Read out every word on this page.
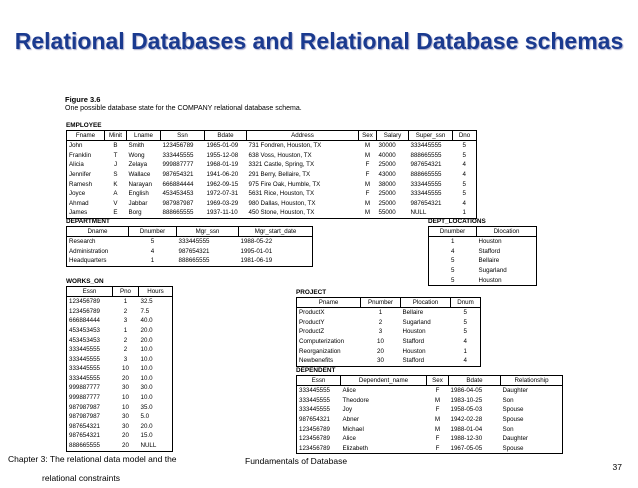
Relational Databases and Relational Database schemas
Figure 3.6
One possible database state for the COMPANY relational database schema.
EMPLOYEE
Fname	Minit	Lname	Ssn	Bdate	Address	Sex	Salary	Super_ssn	Dno
John	B	Smith	123456789	1965-01-09	731 Fondren, Houston, TX	M	30000	333445555	5
Franklin	T	Wong	333445555	1955-12-08	638 Voss, Houston, TX	M	40000	888665555	5
Alicia	J	Zelaya	999887777	1968-01-19	3321 Castle, Spring, TX	F	25000	987654321	4
Jennifer	S	Wallace	987654321	1941-06-20	291 Berry, Bellaire, TX	F	43000	888665555	4
Ramesh	K	Narayan	666884444	1962-09-15	975 Fire Oak, Humble, TX	M	38000	333445555	5
Joyce	A	English	453453453	1972-07-31	5631 Rice, Houston, TX	F	25000	333445555	5
Ahmad	V	Jabbar	987987987	1969-03-29	980 Dallas, Houston, TX	M	25000	987654321	4
James	E	Borg	888665555	1937-11-10	450 Stone, Houston, TX	M	55000	NULL	1
DEPARTMENT
Dname	Dnumber	Mgr_ssn	Mgr_start_date
Research	5	333445555	1988-05-22
Administration	4	987654321	1995-01-01
Headquarters	1	888665555	1981-06-19
DEPT_LOCATIONS
Dnumber	Dlocation
1	Houston
4	Stafford
5	Bellaire
5	Sugarland
5	Houston
WORKS_ON
Essn	Pno	Hours
123456789	1	32.5
123456789	2	7.5
666884444	3	40.0
453453453	1	20.0
453453453	2	20.0
333445555	2	10.0
333445555	3	10.0
333445555	10	10.0
333445555	20	10.0
999887777	30	30.0
999887777	10	10.0
987987987	10	35.0
987987987	30	5.0
987654321	30	20.0
987654321	20	15.0
888665555	20	NULL
PROJECT
Pname	Pnumber	Plocation	Dnum
ProductX	1	Bellaire	5
ProductY	2	Sugarland	5
ProductZ	3	Houston	5
Computerization	10	Stafford	4
Reorganization	20	Houston	1
Newbenefits	30	Stafford	4
DEPENDENT
Essn	Dependent_name	Sex	Bdate	Relationship
333445555	Alice	F	1986-04-05	Daughter
333445555	Theodore	M	1983-10-25	Son
333445555	Joy	F	1958-05-03	Spouse
987654321	Abner	M	1942-02-28	Spouse
123456789	Michael	M	1988-01-04	Son
123456789	Alice	F	1988-12-30	Daughter
123456789	Elizabeth	F	1967-05-05	Spouse
Chapter 3: The relational data model and the
relational constraints
Fundamentals of Database
37
